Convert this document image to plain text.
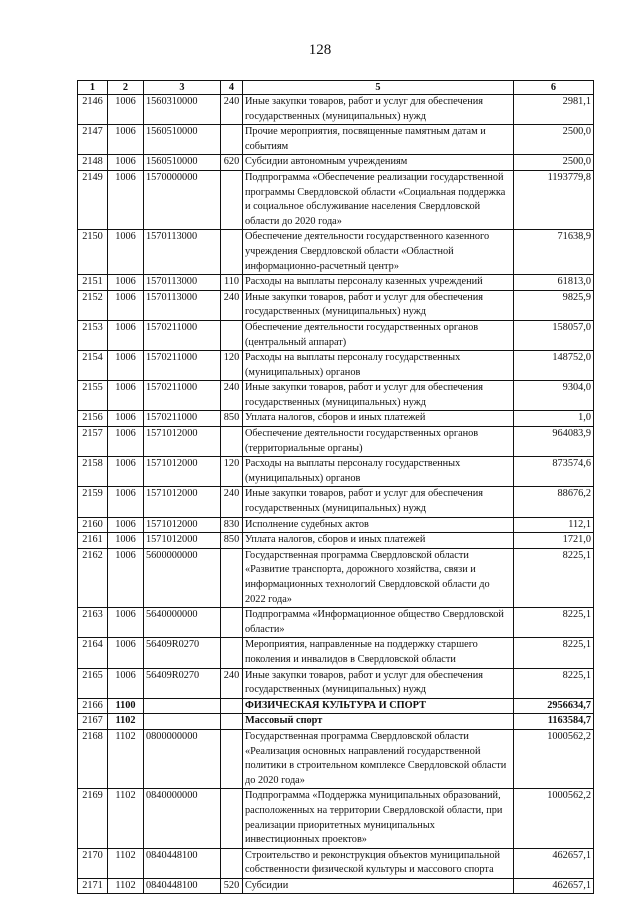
128
1	2	3	4	5	6
2146	1006	1560310000	240	Иные закупки товаров, работ и услуг для обеспечения государственных (муниципальных) нужд	2981,1
2147	1006	1560510000		Прочие мероприятия, посвященные памятным датам и событиям	2500,0
2148	1006	1560510000	620	Субсидии автономным учреждениям	2500,0
2149	1006	1570000000		Подпрограмма «Обеспечение реализации государственной программы Свердловской области «Социальная поддержка и социальное обслуживание населения Свердловской области до 2020 года»	1193779,8
2150	1006	1570113000		Обеспечение деятельности государственного казенного учреждения Свердловской области «Областной информационно-расчетный центр»	71638,9
2151	1006	1570113000	110	Расходы на выплаты персоналу казенных учреждений	61813,0
2152	1006	1570113000	240	Иные закупки товаров, работ и услуг для обеспечения государственных (муниципальных) нужд	9825,9
2153	1006	1570211000		Обеспечение деятельности государственных органов (центральный аппарат)	158057,0
2154	1006	1570211000	120	Расходы на выплаты персоналу государственных (муниципальных) органов	148752,0
2155	1006	1570211000	240	Иные закупки товаров, работ и услуг для обеспечения государственных (муниципальных) нужд	9304,0
2156	1006	1570211000	850	Уплата налогов, сборов и иных платежей	1,0
2157	1006	1571012000		Обеспечение деятельности государственных органов (территориальные органы)	964083,9
2158	1006	1571012000	120	Расходы на выплаты персоналу государственных (муниципальных) органов	873574,6
2159	1006	1571012000	240	Иные закупки товаров, работ и услуг для обеспечения государственных (муниципальных) нужд	88676,2
2160	1006	1571012000	830	Исполнение судебных актов	112,1
2161	1006	1571012000	850	Уплата налогов, сборов и иных платежей	1721,0
2162	1006	5600000000		Государственная программа Свердловской области «Развитие транспорта, дорожного хозяйства, связи и информационных технологий Свердловской области до 2022 года»	8225,1
2163	1006	5640000000		Подпрограмма «Информационное общество Свердловской области»	8225,1
2164	1006	56409R0270		Мероприятия, направленные на поддержку старшего поколения и инвалидов в Свердловской области	8225,1
2165	1006	56409R0270	240	Иные закупки товаров, работ и услуг для обеспечения государственных (муниципальных) нужд	8225,1
2166	1100			ФИЗИЧЕСКАЯ КУЛЬТУРА И СПОРТ	2956634,7
2167	1102			Массовый спорт	1163584,7
2168	1102	0800000000		Государственная программа Свердловской области «Реализация основных направлений государственной политики в строительном комплексе Свердловской области до 2020 года»	1000562,2
2169	1102	0840000000		Подпрограмма «Поддержка муниципальных образований, расположенных на территории Свердловской области, при реализации приоритетных муниципальных инвестиционных проектов»	1000562,2
2170	1102	0840448100		Строительство и реконструкция объектов муниципальной собственности физической культуры и массового спорта	462657,1
2171	1102	0840448100	520	Субсидии	462657,1
